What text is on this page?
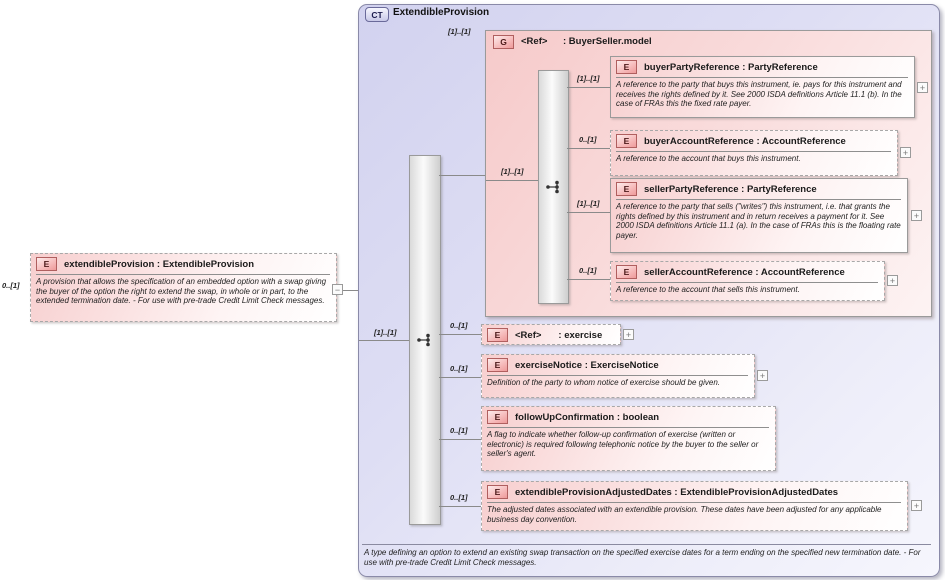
CT	ExtendibleProvision
0..[1]
E	extendibleProvision : ExtendibleProvision
A provision that allows the specification of an embedded option with a swap giving the buyer of the option the right to extend the swap, in whole or in part, to the extended termination date. - For use with pre-trade Credit Limit Check messages.
−
[1]..[1]
[1]..[1]
G	<Ref> : BuyerSeller.model
[1]..[1]
[1]..[1]
E	buyerPartyReference : PartyReference
A reference to the party that buys this instrument, ie. pays for this instrument and receives the rights defined by it. See 2000 ISDA definitions Article 11.1 (b). In the case of FRAs this the fixed rate payer.
+
0..[1]	E	buyerAccountReference : AccountReference
A reference to the account that buys this instrument.
+
[1]..[1]
E	sellerPartyReference : PartyReference
A reference to the party that sells ("writes") this instrument, i.e. that grants the rights defined by this instrument and in return receives a payment for it. See 2000 ISDA definitions Article 11.1 (a). In the case of FRAs this is the floating rate payer.
+
0..[1]	E	sellerAccountReference : AccountReference
A reference to the account that sells this instrument.
+
0..[1]
E	<Ref> : exercise	+
0..[1]	E	exerciseNotice : ExerciseNotice
Definition of the party to whom notice of exercise should be given.
+
0..[1]
E	followUpConfirmation : boolean
A flag to indicate whether follow-up confirmation of exercise (written or electronic) is required following telephonic notice by the buyer to the seller or seller's agent.
0..[1]
E	extendibleProvisionAdjustedDates : ExtendibleProvisionAdjustedDates
The adjusted dates associated with an extendible provision. These dates have been adjusted for any applicable business day convention.
+
A type defining an option to extend an existing swap transaction on the specified exercise dates for a term ending on the specified new termination date. - For use with pre-trade Credit Limit Check messages.
